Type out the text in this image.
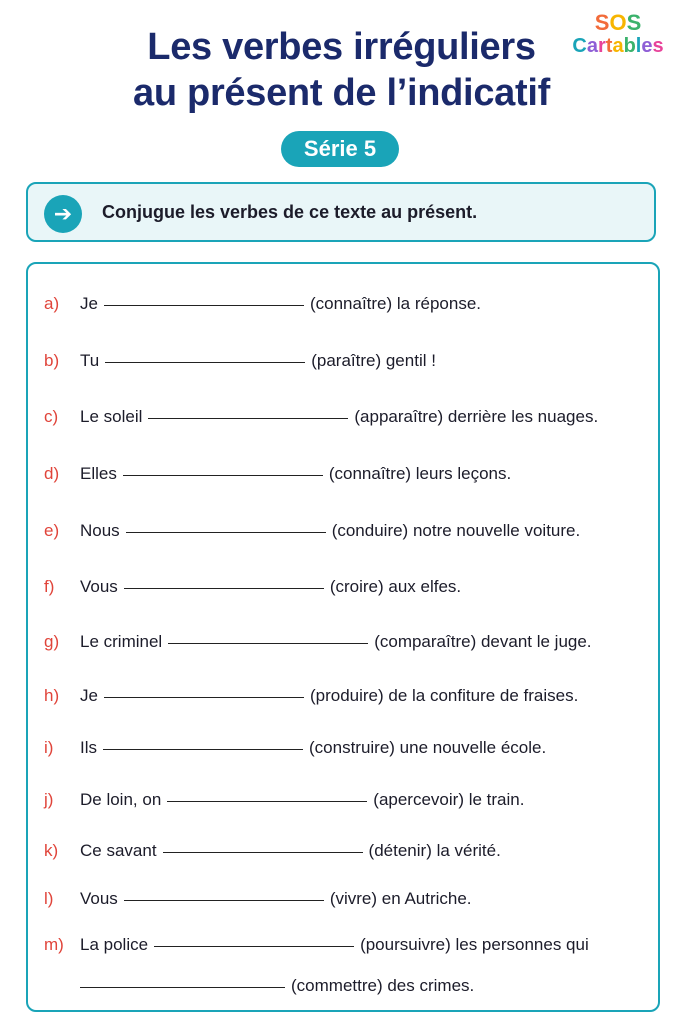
Les verbes irréguliers
au présent de l’indicatif
SOS
Cartables
Série 5
➔	Conjugue les verbes de ce texte au présent.
a) Je	(connaître) la réponse.
b) Tu	(paraître) gentil !
c) Le soleil	(apparaître) derrière les nuages.
d) Elles	(connaître) leurs leçons.
e) Nous	(conduire) notre nouvelle voiture.
f) Vous	(croire) aux elfes.
g) Le criminel	(comparaître) devant le juge.
h) Je	(produire) de la confiture de fraises.
i) Ils	(construire) une nouvelle école.
j) De loin, on	(apercevoir) le train.
k) Ce savant	(détenir) la vérité.
l) Vous	(vivre) en Autriche.
m) La police	(poursuivre) les personnes qui
(commettre) des crimes.
